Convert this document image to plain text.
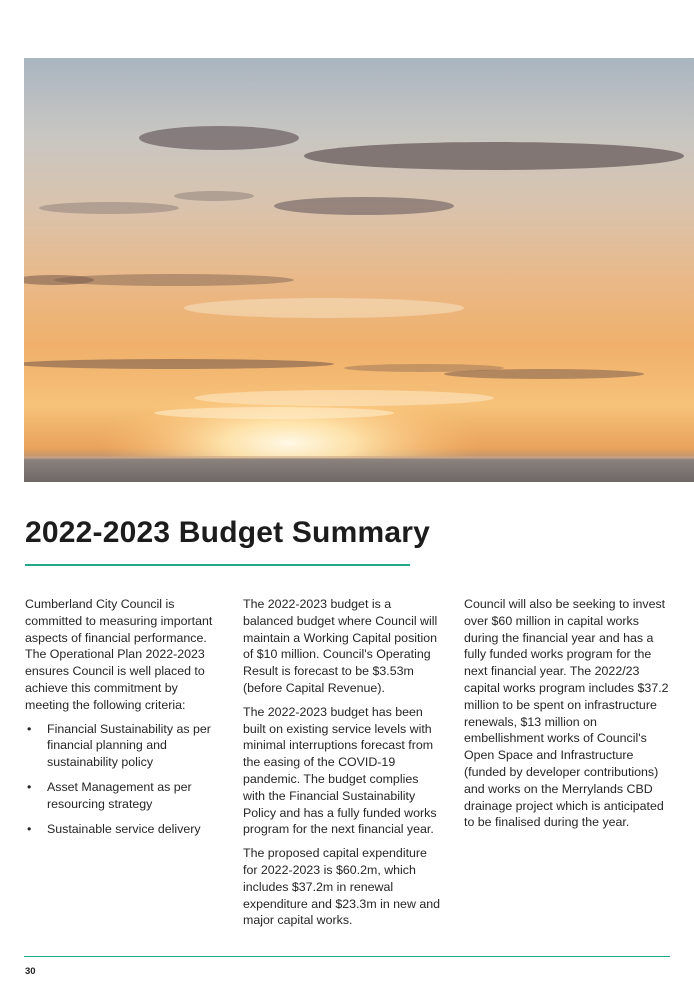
2022-2023 Budget Summary

Cumberland City Council is committed to measuring important aspects of financial performance. The Operational Plan 2022-2023 ensures Council is well placed to achieve this commitment by meeting the following criteria:

• Financial Sustainability as per financial planning and sustainability policy
• Asset Management as per resourcing strategy
• Sustainable service delivery

The 2022-2023 budget is a balanced budget where Council will maintain a Working Capital position of $10 million. Council's Operating Result is forecast to be $3.53m (before Capital Revenue).

The 2022-2023 budget has been built on existing service levels with minimal interruptions forecast from the easing of the COVID-19 pandemic. The budget complies with the Financial Sustainability Policy and has a fully funded works program for the next financial year.

The proposed capital expenditure for 2022-2023 is $60.2m, which includes $37.2m in renewal expenditure and $23.3m in new and major capital works.

Council will also be seeking to invest over $60 million in capital works during the financial year and has a fully funded works program for the next financial year. The 2022/23 capital works program includes $37.2 million to be spent on infrastructure renewals, $13 million on embellishment works of Council's Open Space and Infrastructure (funded by developer contributions) and works on the Merrylands CBD drainage project which is anticipated to be finalised during the year.

30
